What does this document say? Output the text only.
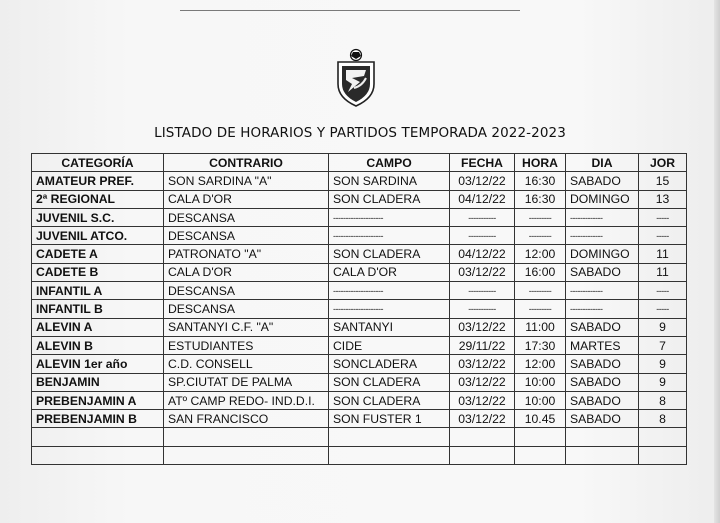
LISTADO DE HORARIOS Y PARTIDOS TEMPORADA 2022-2023
CATEGORÍA	CONTRARIO	CAMPO	FECHA	HORA	DIA	JOR
AMATEUR PREF.	SON SARDINA "A"	SON SARDINA	03/12/22	16:30	SABADO	15
2ª REGIONAL	CALA D'OR	SON CLADERA	04/12/22	16:30	DOMINGO	13
JUVENIL S.C.	DESCANSA	--------------------	-----------	---------	-------------	-----
JUVENIL ATCO.	DESCANSA	--------------------	-----------	---------	-------------	-----
CADETE A	PATRONATO "A"	SON CLADERA	04/12/22	12:00	DOMINGO	11
CADETE B	CALA D'OR	CALA D'OR	03/12/22	16:00	SABADO	11
INFANTIL A	DESCANSA	--------------------	-----------	---------	-------------	-----
INFANTIL B	DESCANSA	--------------------	-----------	---------	-------------	-----
ALEVIN A	SANTANYI C.F. "A"	SANTANYI	03/12/22	11:00	SABADO	9
ALEVIN B	ESTUDIANTES	CIDE	29/11/22	17:30	MARTES	7
ALEVIN 1er año	C.D. CONSELL	SONCLADERA	03/12/22	12:00	SABADO	9
BENJAMIN	SP.CIUTAT DE PALMA	SON CLADERA	03/12/22	10:00	SABADO	9
PREBENJAMIN A	ATº CAMP REDO- IND.D.I.	SON CLADERA	03/12/22	10:00	SABADO	8
PREBENJAMIN B	SAN FRANCISCO	SON FUSTER 1	03/12/22	10.45	SABADO	8
